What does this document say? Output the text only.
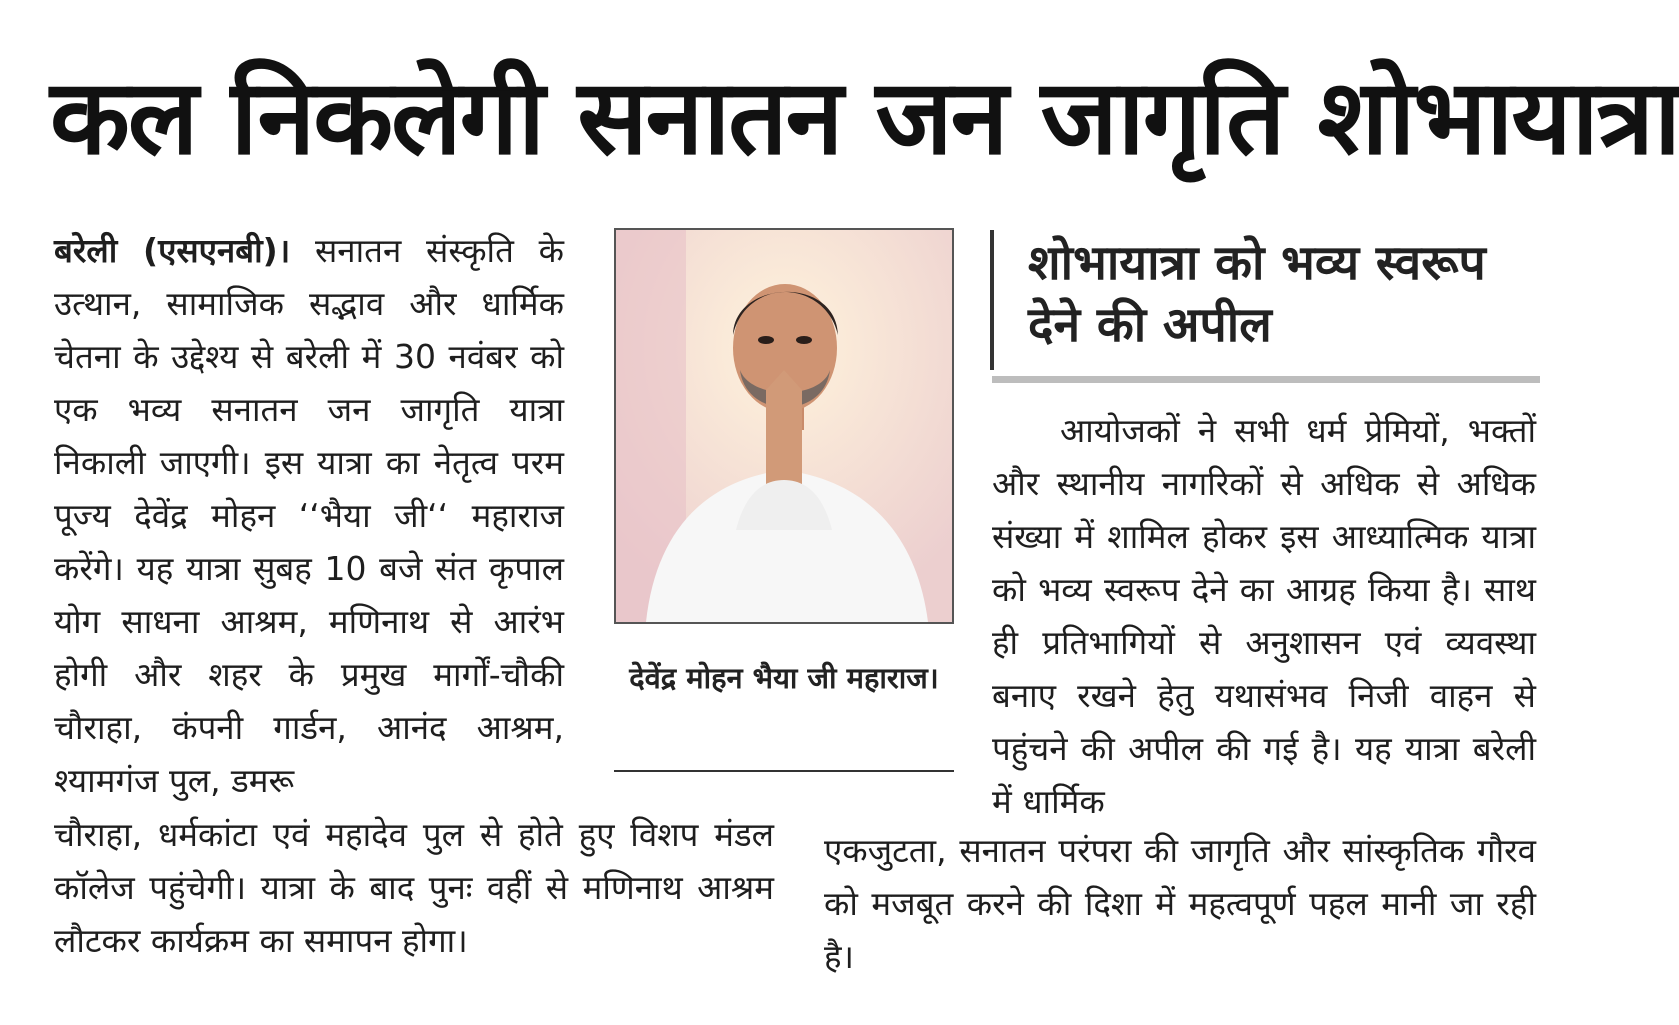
कल निकलेगी सनातन जन जागृति शोभायात्रा
बरेली (एसएनबी)। सनातन संस्कृति के उत्थान, सामाजिक सद्भाव और धार्मिक चेतना के उद्देश्य से बरेली में 30 नवंबर को एक भव्य सनातन जन जागृति यात्रा निकाली जाएगी। इस यात्रा का नेतृत्व परम पूज्य देवेंद्र मोहन ‘‘भैया जी‘‘ महाराज करेंगे। यह यात्रा सुबह 10 बजे संत कृपाल योग साधना आश्रम, मणिनाथ से आरंभ होगी और शहर के प्रमुख मार्गों-चौकी चौराहा, कंपनी गार्डन, आनंद आश्रम, श्यामगंज पुल, डमरू
चौराहा, धर्मकांटा एवं महादेव पुल से होते हुए विशप मंडल कॉलेज पहुंचेगी। यात्रा के बाद पुनः वहीं से मणिनाथ आश्रम लौटकर कार्यक्रम का समापन होगा।
देवेंद्र मोहन भैया जी महाराज।
शोभायात्रा को भव्य स्वरूप देने की अपील
आयोजकों ने सभी धर्म प्रेमियों, भक्तों और स्थानीय नागरिकों से अधिक से अधिक संख्या में शामिल होकर इस आध्यात्मिक यात्रा को भव्य स्वरूप देने का आग्रह किया है। साथ ही प्रतिभागियों से अनुशासन एवं व्यवस्था बनाए रखने हेतु यथासंभव निजी वाहन से पहुंचने की अपील की गई है। यह यात्रा बरेली में धार्मिक
एकजुटता, सनातन परंपरा की जागृति और सांस्कृतिक गौरव को मजबूत करने की दिशा में महत्वपूर्ण पहल मानी जा रही है।
